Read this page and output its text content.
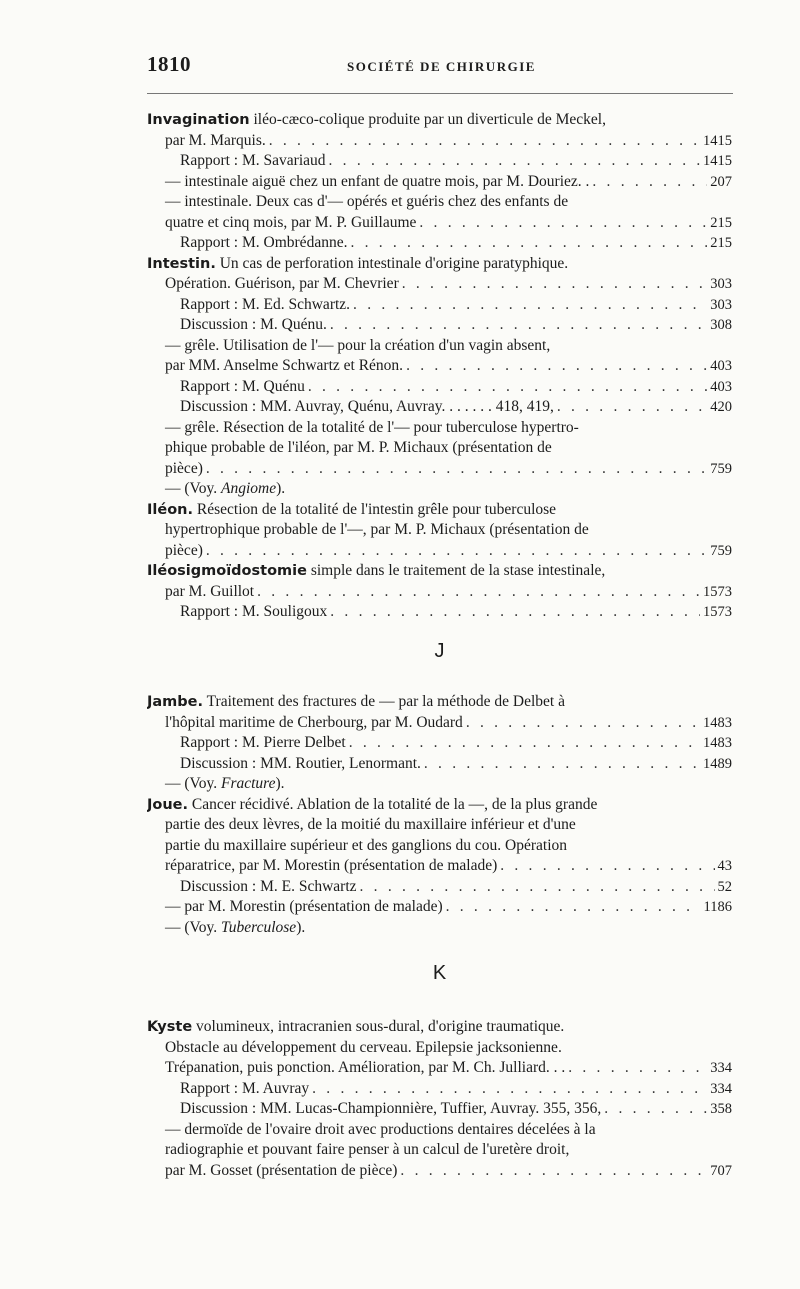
1810	SOCIÉTÉ DE CHIRURGIE
Invagination iléo-cæco-colique produite par un diverticule de Meckel,
par M. Marquis. . . .	1415
Rapport : M. Savariaud . . .	1415
— intestinale aiguë chez un enfant de quatre mois, par M. Douriez. . . . .	207
— intestinale. Deux cas d'— opérés et guéris chez des enfants de
quatre et cinq mois, par M. P. Guillaume . . .	215
Rapport : M. Ombrédanne. . . .	215
Intestin. Un cas de perforation intestinale d'origine paratyphique.
Opération. Guérison, par M. Chevrier . . .	303
Rapport : M. Ed. Schwartz. . . .	303
Discussion : M. Quénu. . . .	308
— grêle. Utilisation de l'— pour la création d'un vagin absent,
par MM. Anselme Schwartz et Rénon. . . .	403
Rapport : M. Quénu . . .	403
Discussion : MM. Auvray, Quénu, Auvray. . . . . . . 418, 419, . . .	420
— grêle. Résection de la totalité de l'— pour tuberculose hypertro-
phique probable de l'iléon, par M. P. Michaux (présentation de
pièce) . . .	759
— (Voy. Angiome).
Iléon. Résection de la totalité de l'intestin grêle pour tuberculose
hypertrophique probable de l'—, par M. P. Michaux (présentation de
pièce) . . .	759
Iléosigmoïdostomie simple dans le traitement de la stase intestinale,
par M. Guillot . . .	1573
Rapport : M. Souligoux . . .	1573
J
Jambe. Traitement des fractures de — par la méthode de Delbet à
l'hôpital maritime de Cherbourg, par M. Oudard . . .	1483
Rapport : M. Pierre Delbet . . .	1483
Discussion : MM. Routier, Lenormant. . . .	1489
— (Voy. Fracture).
Joue. Cancer récidivé. Ablation de la totalité de la —, de la plus grande
partie des deux lèvres, de la moitié du maxillaire inférieur et d'une
partie du maxillaire supérieur et des ganglions du cou. Opération
réparatrice, par M. Morestin (présentation de malade) . . .	43
Discussion : M. E. Schwartz . . .	52
— par M. Morestin (présentation de malade) . . .	1186
— (Voy. Tuberculose).
K
Kyste volumineux, intracranien sous-dural, d'origine traumatique.
Obstacle au développement du cerveau. Epilepsie jacksonienne.
Trépanation, puis ponction. Amélioration, par M. Ch. Julliard. . . . . .	334
Rapport : M. Auvray . . .	334
Discussion : MM. Lucas-Championnière, Tuffier, Auvray. 355, 356, . . .	358
— dermoïde de l'ovaire droit avec productions dentaires décelées à la
radiographie et pouvant faire penser à un calcul de l'uretère droit,
par M. Gosset (présentation de pièce) . . .	707
